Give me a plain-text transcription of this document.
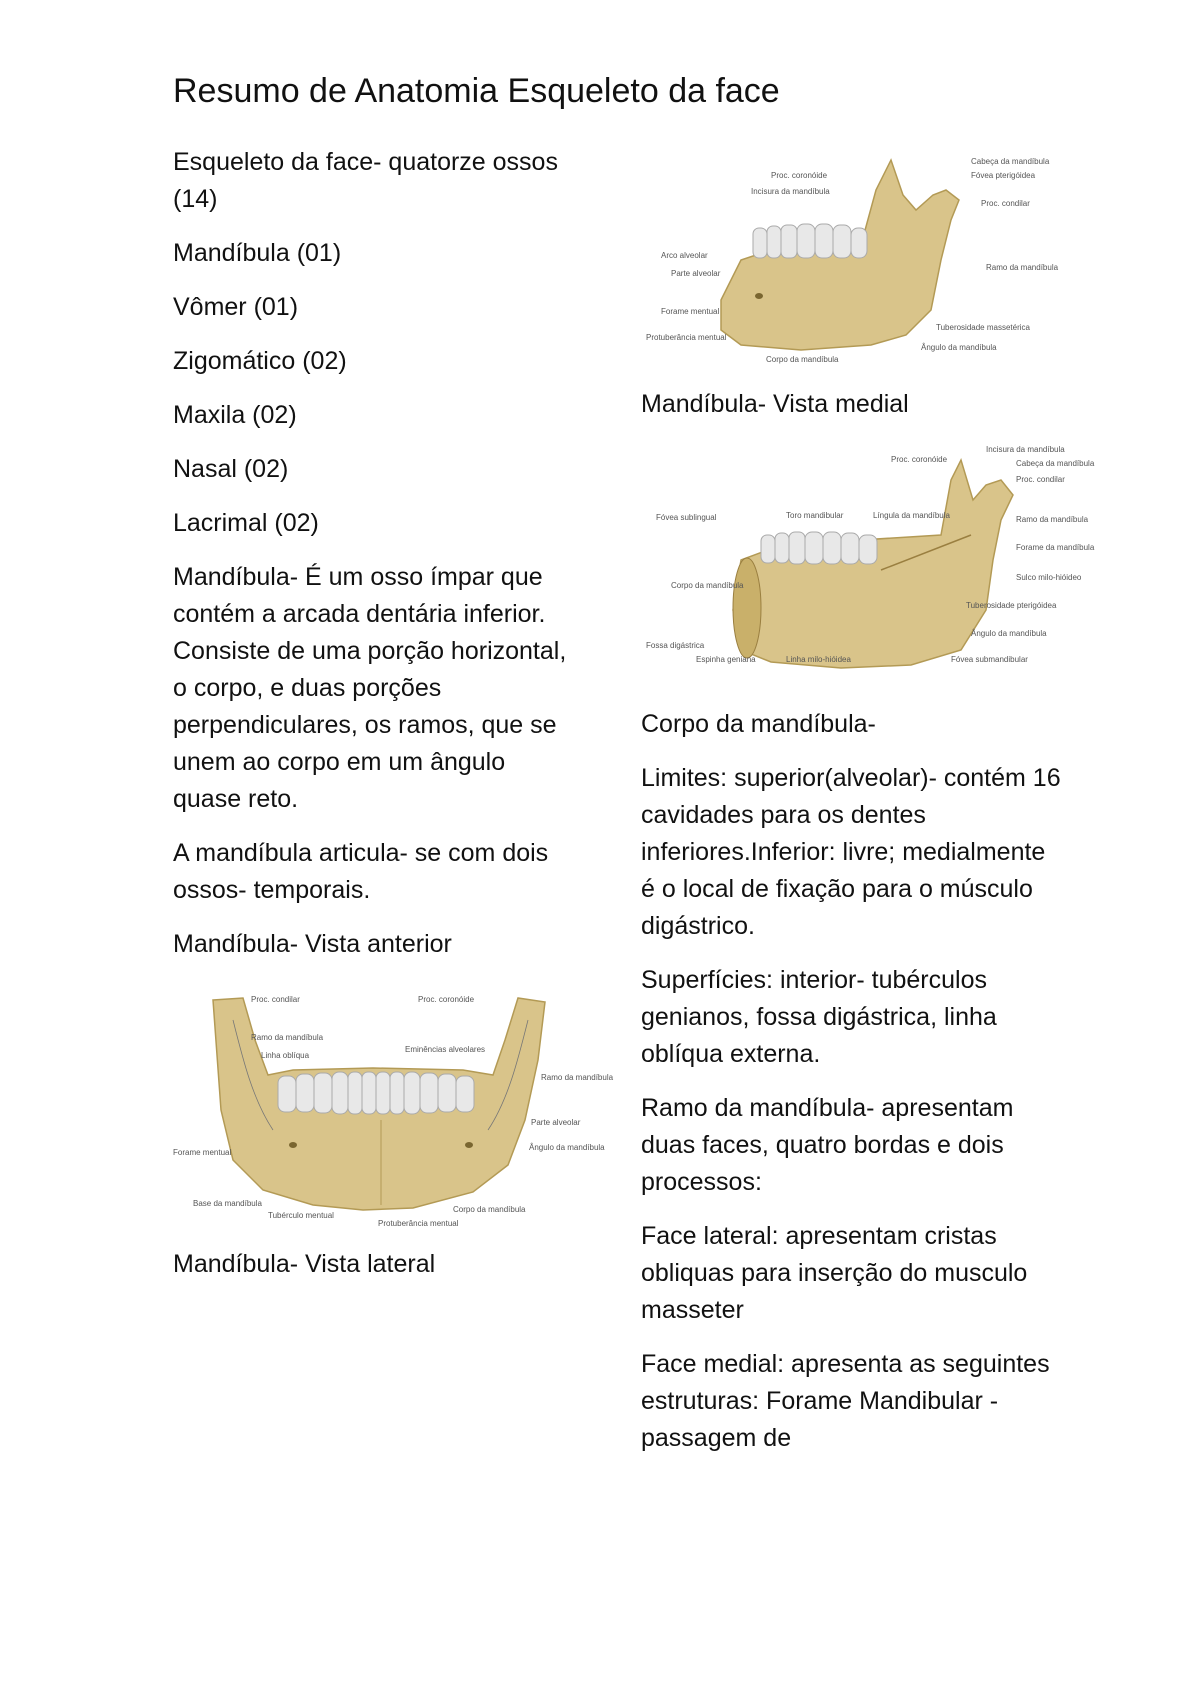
Resumo de Anatomia Esqueleto da face

Esqueleto da face- quatorze ossos (14)

Mandíbula (01)

Vômer (01)

Zigomático (02)

Maxila (02)

Nasal (02)

Lacrimal (02)

Mandíbula- É um osso ímpar que contém a arcada dentária inferior. Consiste de uma porção horizontal, o corpo, e duas porções perpendiculares, os ramos, que se unem ao corpo em um ângulo quase reto.

A mandíbula articula- se com dois ossos- temporais.

Mandíbula- Vista anterior

Proc. condilar	Proc. coronóide
Ramo da mandíbula
Linha oblíqua
Eminências alveolares
Ramo da mandíbula
Parte alveolar
Forame mentual
Ângulo da mandíbula
Base da mandíbula
Tubérculo mentual
Protuberância mentual
Corpo da mandíbula

Mandíbula- Vista lateral

Cabeça da mandíbula
Proc. coronóide	Fóvea pterigóidea
Incisura da mandíbula
Proc. condilar
Arco alveolar
Parte alveolar
Ramo da mandíbula
Forame mentual
Protuberância mentual
Tuberosidade massetérica
Corpo da mandíbula
Ângulo da mandíbula

Mandíbula- Vista medial

Incisura da mandíbula
Proc. coronóide	Cabeça da mandíbula
Proc. condilar
Fóvea sublingual	Toro mandibular	Língula da mandíbula	Ramo da mandíbula
Forame da mandíbula
Corpo da mandíbula
Sulco milo-hióideo
Tuberosidade pterigóidea
Fossa digástrica
Espinha geniana	Linha milo-hióidea
Ângulo da mandíbula
Fóvea submandibular

Corpo da mandíbula-

Limites: superior(alveolar)- contém 16 cavidades para os dentes inferiores.Inferior: livre; medialmente é o local de fixação para o músculo digástrico.

Superfícies: interior- tubérculos genianos, fossa digástrica, linha oblíqua externa.

Ramo da mandíbula- apresentam duas faces, quatro bordas e dois processos:

Face lateral: apresentam cristas obliquas para inserção do musculo masseter

Face medial: apresenta as seguintes estruturas: Forame Mandibular - passagem de
